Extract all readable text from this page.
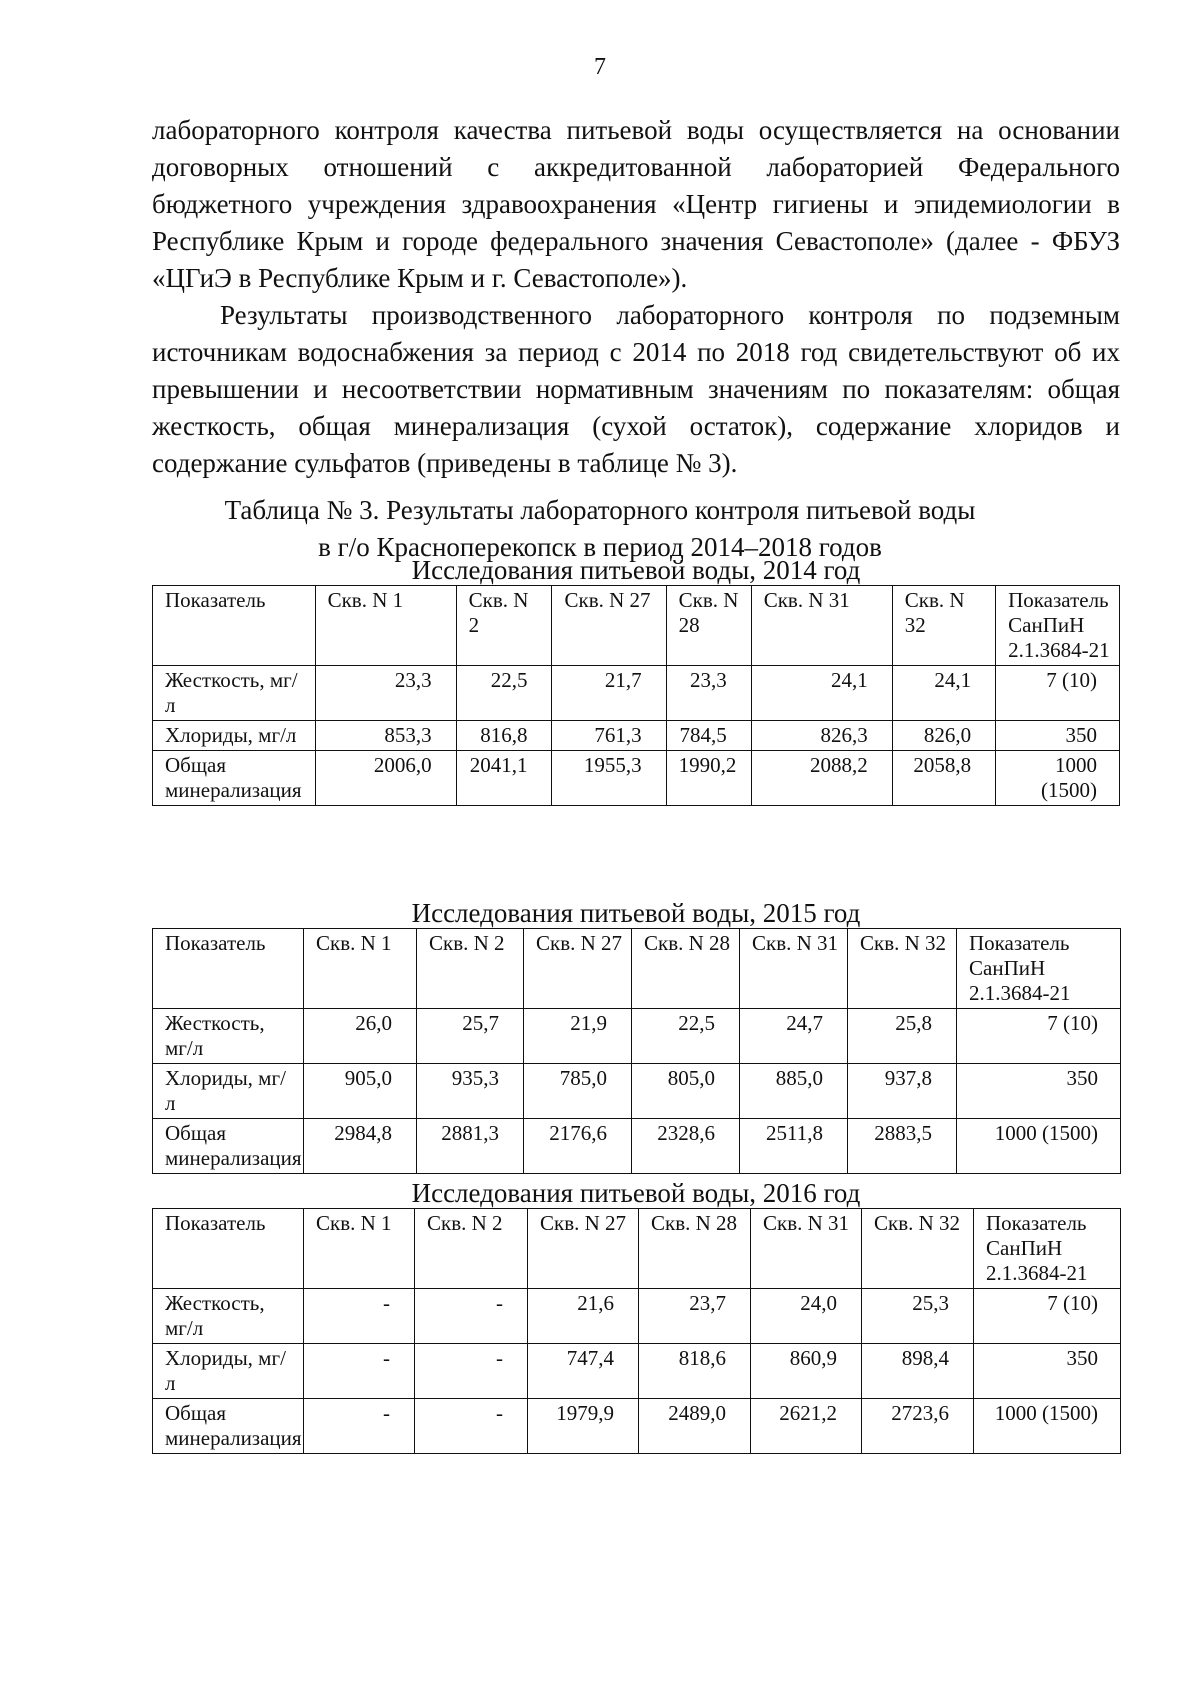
7

лабораторного контроля качества питьевой воды осуществляется на основании договорных отношений с аккредитованной лабораторией Федерального бюджетного учреждения здравоохранения «Центр гигиены и эпидемиологии в Республике Крым и городе федерального значения Севастополе» (далее - ФБУЗ «ЦГиЭ в Республике Крым и г. Севастополе»).

Результаты производственного лабораторного контроля по подземным источникам водоснабжения за период с 2014 по 2018 год свидетельствуют об их превышении и несоответствии нормативным значениям по показателям: общая жесткость, общая минерализация (сухой остаток), содержание хлоридов и содержание сульфатов (приведены в таблице № 3).

Таблица № 3. Результаты лабораторного контроля питьевой воды
в г/о Красноперекопск в период 2014–2018 годов
Исследования питьевой воды, 2014 год
Показатель	Скв. N 1	Скв. N 2	Скв. N 27	Скв. N 28	Скв. N 31	Скв. N 32	Показатель СанПиН 2.1.3684-21
Жесткость, мг/л	23,3	22,5	21,7	23,3	24,1	24,1	7 (10)
Хлориды, мг/л	853,3	816,8	761,3	784,5	826,3	826,0	350
Общая минерализация	2006,0	2041,1	1955,3	1990,2	2088,2	2058,8	1000 (1500)
Исследования питьевой воды, 2015 год
Показатель	Скв. N 1	Скв. N 2	Скв. N 27	Скв. N 28	Скв. N 31	Скв. N 32	Показатель СанПиН 2.1.3684-21
Жесткость, мг/л	26,0	25,7	21,9	22,5	24,7	25,8	7 (10)
Хлориды, мг/л	905,0	935,3	785,0	805,0	885,0	937,8	350
Общая минерализация	2984,8	2881,3	2176,6	2328,6	2511,8	2883,5	1000 (1500)
Исследования питьевой воды, 2016 год
Показатель	Скв. N 1	Скв. N 2	Скв. N 27	Скв. N 28	Скв. N 31	Скв. N 32	Показатель СанПиН 2.1.3684-21
Жесткость, мг/л	-	-	21,6	23,7	24,0	25,3	7 (10)
Хлориды, мг/л	-	-	747,4	818,6	860,9	898,4	350
Общая минерализация	-	-	1979,9	2489,0	2621,2	2723,6	1000 (1500)
